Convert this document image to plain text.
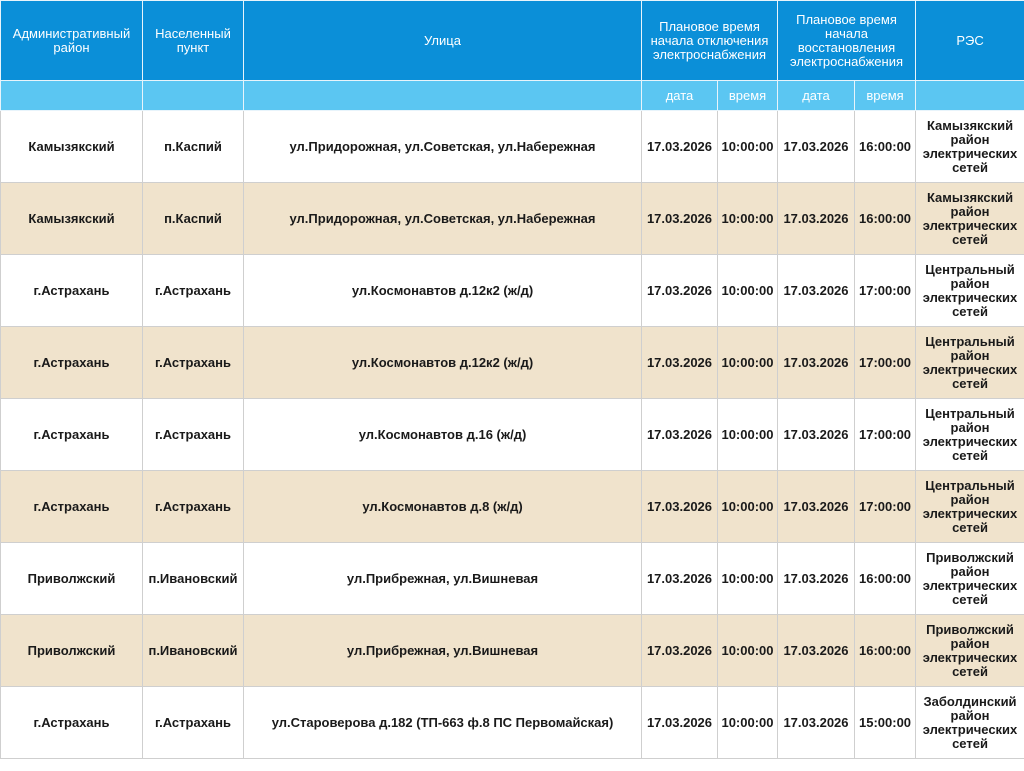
Административный район	Населенный пункт	Улица	Плановое время начала отключения электроснабжения		Плановое время начала восстановления электроснабжения		РЭС
			дата	время	дата	время	
Камызякский	п.Каспий	ул.Придорожная, ул.Советская, ул.Набережная	17.03.2026	10:00:00	17.03.2026	16:00:00	Камызякский район электрических сетей
Камызякский	п.Каспий	ул.Придорожная, ул.Советская, ул.Набережная	17.03.2026	10:00:00	17.03.2026	16:00:00	Камызякский район электрических сетей
г.Астрахань	г.Астрахань	ул.Космонавтов д.12к2 (ж/д)	17.03.2026	10:00:00	17.03.2026	17:00:00	Центральный район электрических сетей
г.Астрахань	г.Астрахань	ул.Космонавтов д.12к2 (ж/д)	17.03.2026	10:00:00	17.03.2026	17:00:00	Центральный район электрических сетей
г.Астрахань	г.Астрахань	ул.Космонавтов д.16 (ж/д)	17.03.2026	10:00:00	17.03.2026	17:00:00	Центральный район электрических сетей
г.Астрахань	г.Астрахань	ул.Космонавтов д.8 (ж/д)	17.03.2026	10:00:00	17.03.2026	17:00:00	Центральный район электрических сетей
Приволжский	п.Ивановский	ул.Прибрежная, ул.Вишневая	17.03.2026	10:00:00	17.03.2026	16:00:00	Приволжский район электрических сетей
Приволжский	п.Ивановский	ул.Прибрежная, ул.Вишневая	17.03.2026	10:00:00	17.03.2026	16:00:00	Приволжский район электрических сетей
г.Астрахань	г.Астрахань	ул.Староверова д.182 (ТП-663 ф.8 ПС Первомайская)	17.03.2026	10:00:00	17.03.2026	15:00:00	Заболдинский район электрических сетей
